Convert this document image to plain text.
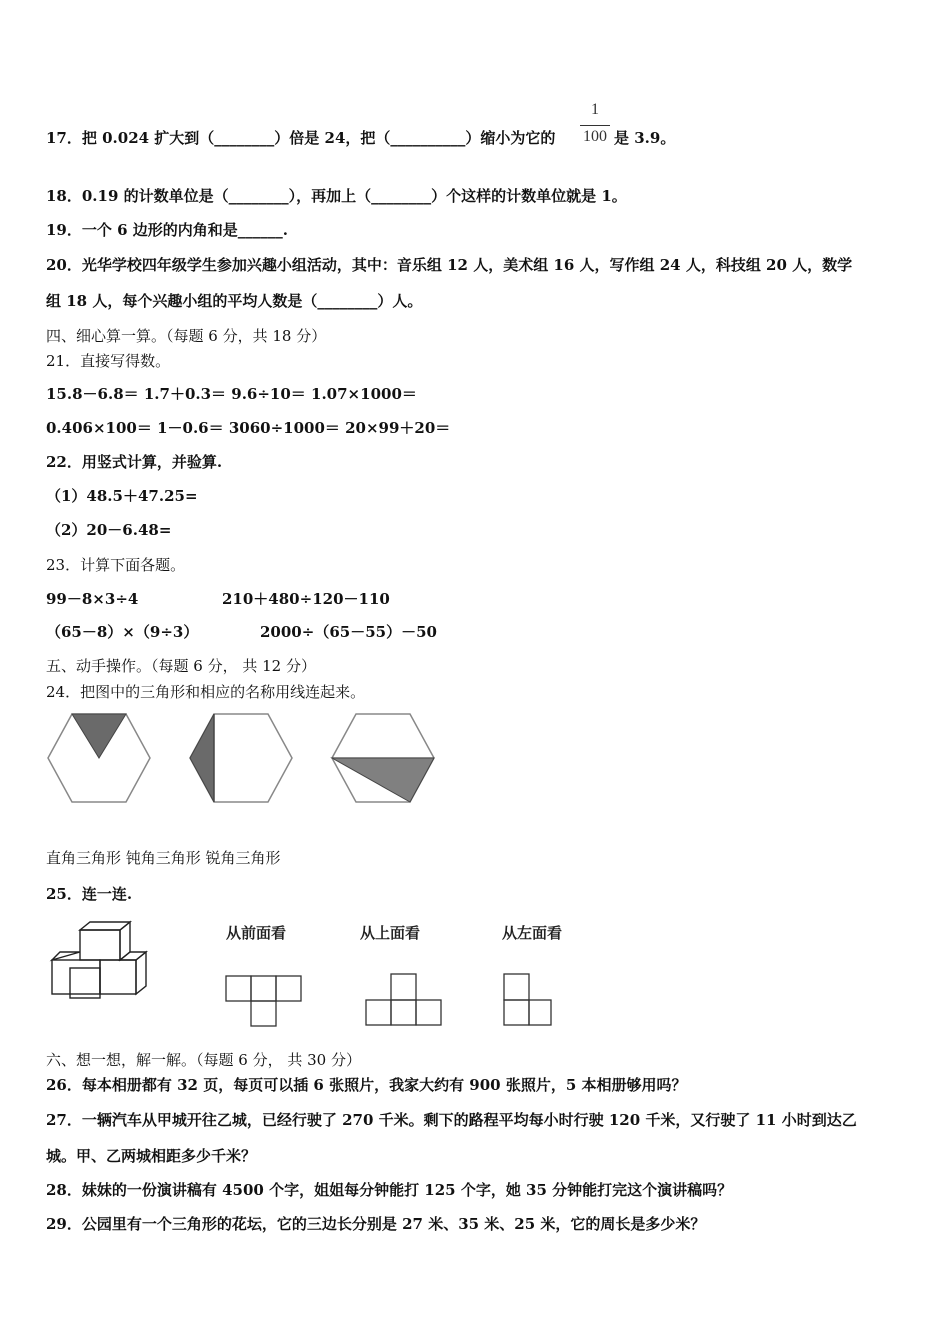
17．把 0.024 扩大到（________）倍是 24，把（__________）缩小为它的
1
100 是 3.9。
18．0.19 的计数单位是（________），再加上（________）个这样的计数单位就是 1。
19．一个 6 边形的内角和是______.
20．光华学校四年级学生参加兴趣小组活动，其中：音乐组 12 人，美术组 16 人，写作组 24 人，科技组 20 人，数学
组 18 人，每个兴趣小组的平均人数是（________）人。
四、细心算一算。（每题 6 分，共 18 分）
21．直接写得数。
15.8－6.8＝ 1.7＋0.3＝ 9.6÷10＝ 1.07×1000＝
0.406×100＝ 1－0.6＝ 3060÷1000＝ 20×99＋20＝
22．用竖式计算，并验算.
（1）48.5＋47.25=
（2）20－6.48=
23．计算下面各题。
99－8×3÷4	210＋480÷120－110
（65－8）×（9÷3）	2000÷（65－55）－50
五、动手操作。（每题 6 分， 共 12 分）
24．把图中的三角形和相应的名称用线连起来。
直角三角形 钝角三角形 锐角三角形
25．连一连.
从前面看	从上面看	从左面看
六、想一想，解一解。（每题 6 分， 共 30 分）
26．每本相册都有 32 页，每页可以插 6 张照片，我家大约有 900 张照片，5 本相册够用吗？
27．一辆汽车从甲城开往乙城，已经行驶了 270 千米。剩下的路程平均每小时行驶 120 千米，又行驶了 11 小时到达乙
城。甲、乙两城相距多少千米？
28．妹妹的一份演讲稿有 4500 个字，姐姐每分钟能打 125 个字，她 35 分钟能打完这个演讲稿吗？
29．公园里有一个三角形的花坛，它的三边长分别是 27 米、35 米、25 米，它的周长是多少米？
